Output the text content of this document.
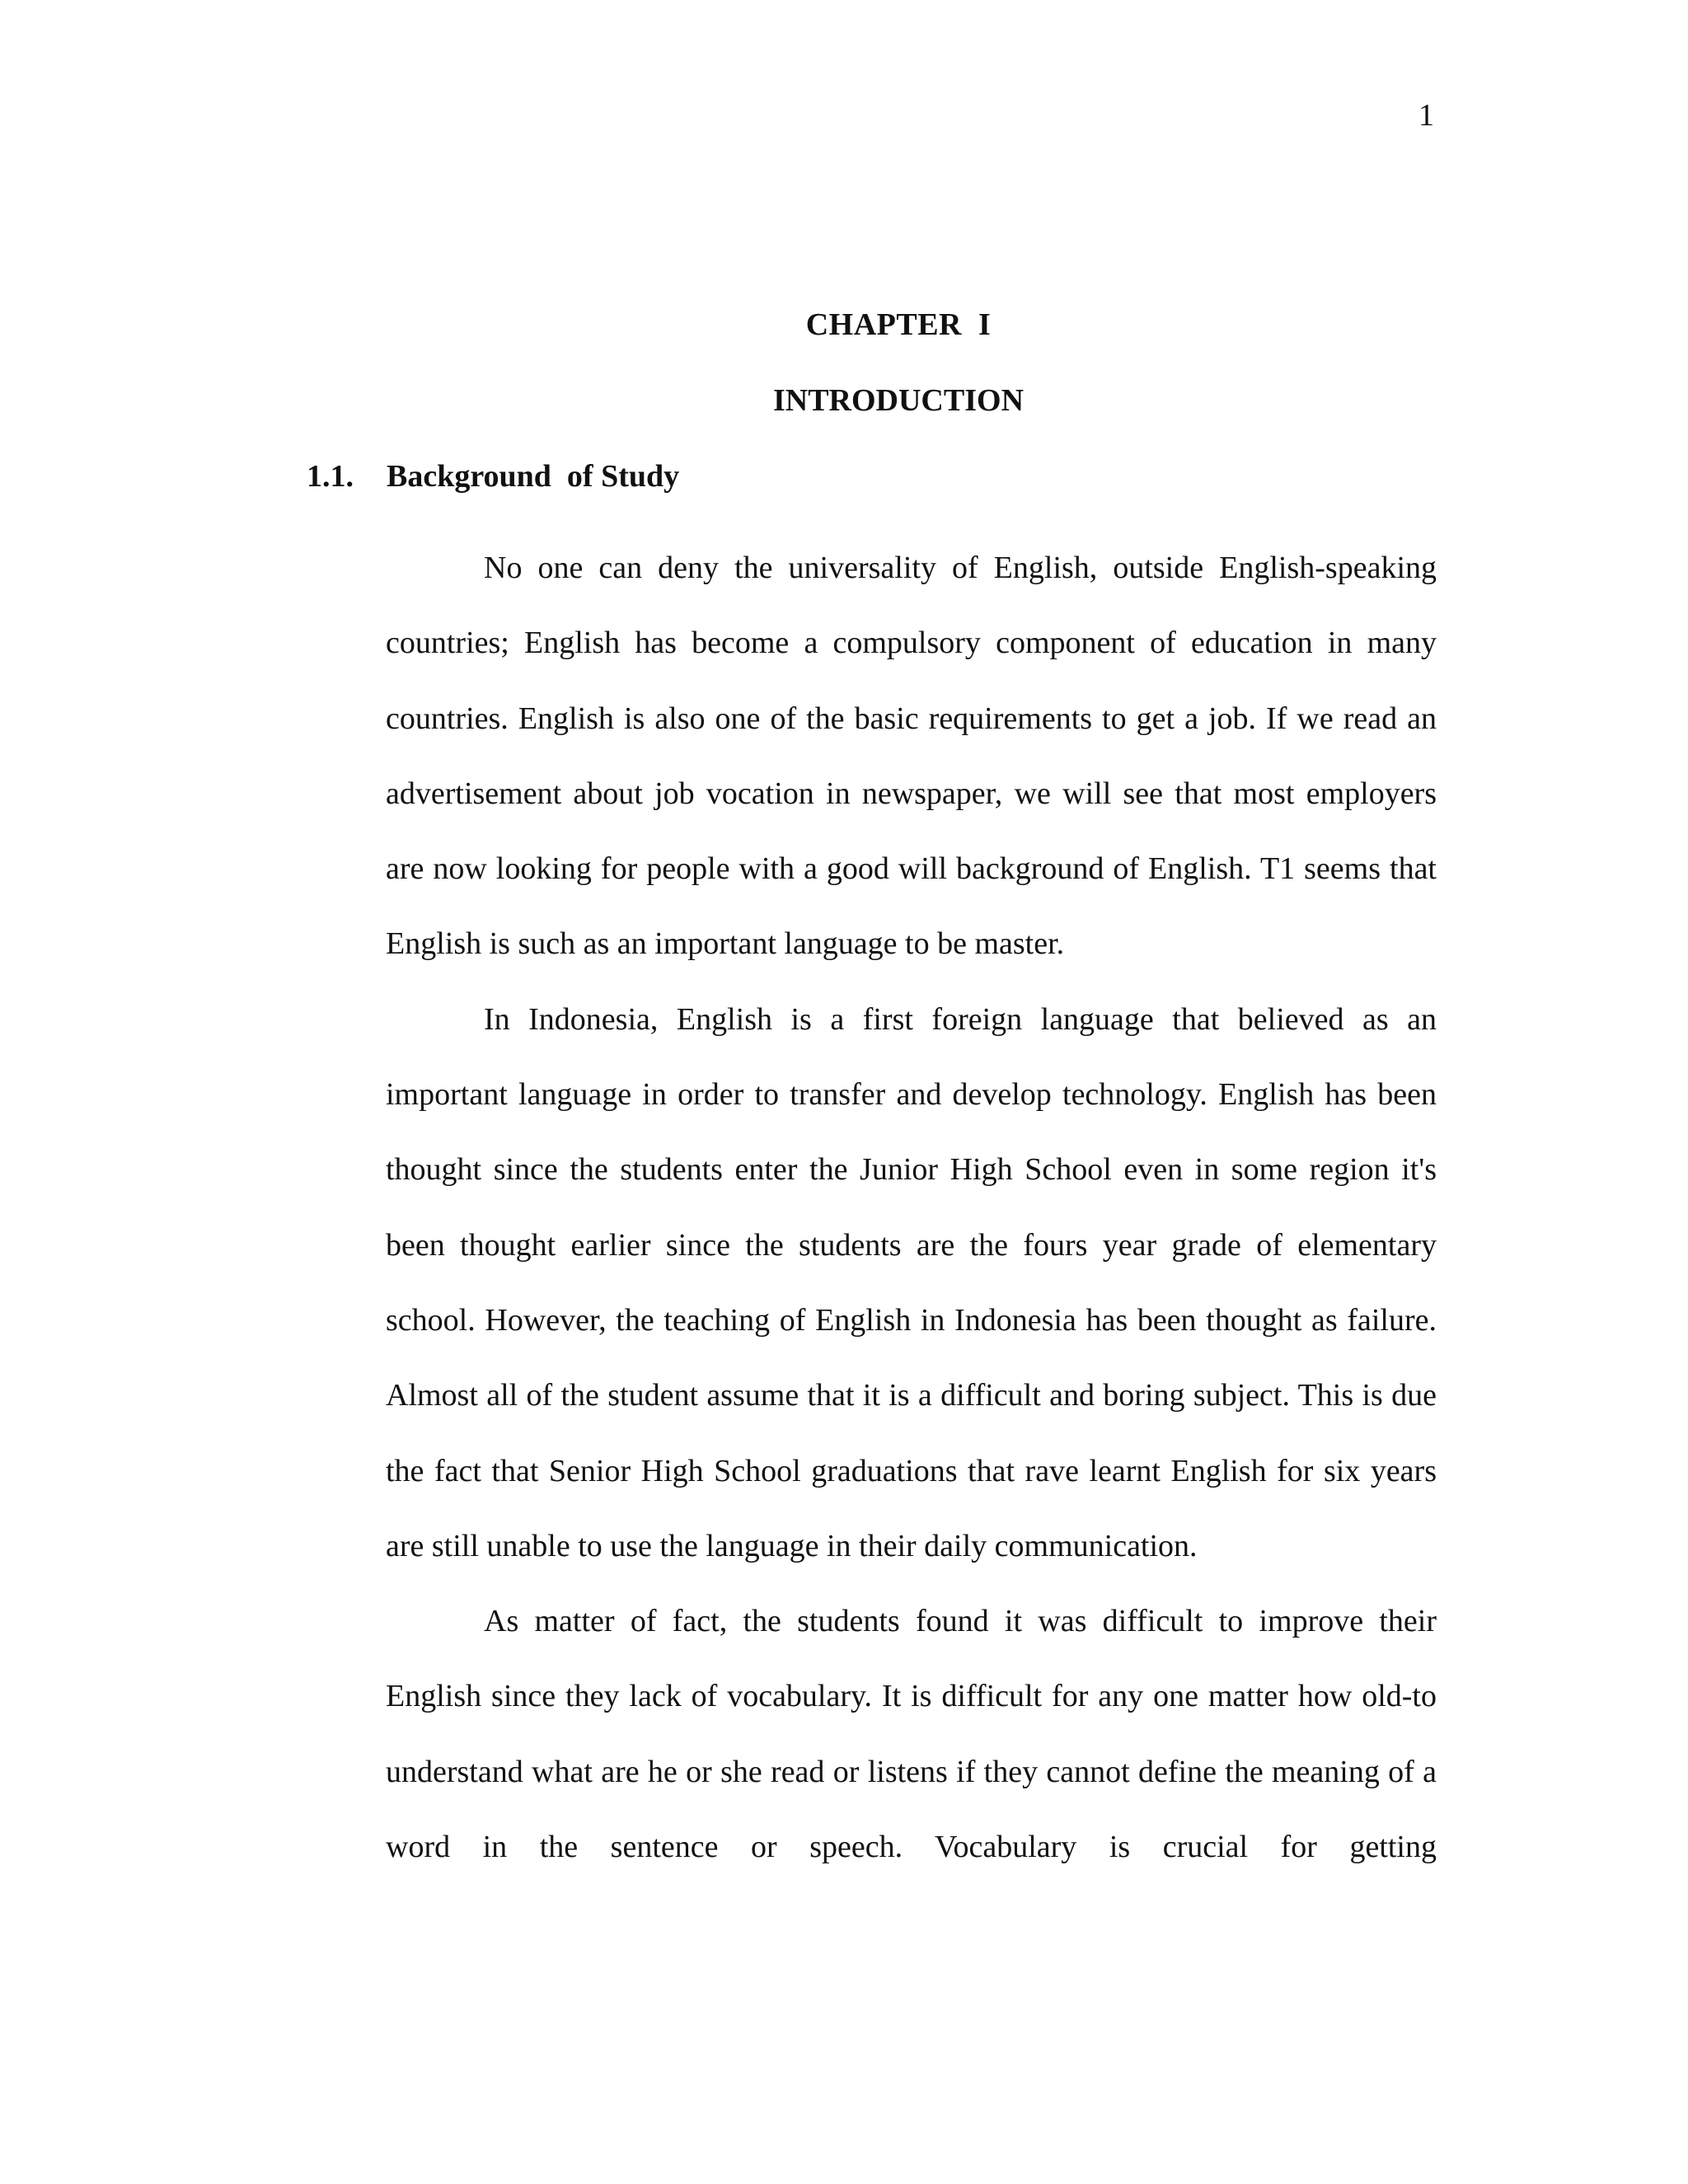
1
CHAPTER  I
INTRODUCTION
1.1. Background  of Study

No one can deny the universality of English, outside English-speaking countries; English has become a compulsory component of education in many countries. English is also one of the basic requirements to get a job. If we read an advertisement about job vocation in newspaper, we will see that most employers are now looking for people with a good will background of English. T1 seems that English is such as an important language to be master.

In Indonesia, English is a first foreign language that believed as an important language in order to transfer and develop technology. English has been thought since the students enter the Junior High School even in some region it's been thought earlier since the students are the fours year grade of elementary school. However, the teaching of English in Indonesia has been thought as failure. Almost all of the student assume that it is a difficult and boring subject. This is due the fact that Senior High School graduations that rave learnt English for six years are still unable to use the language in their daily communication.

As matter of fact, the students found it was difficult to improve their English since they lack of vocabulary. It is difficult for any one matter how old-to understand what are he or she read or listens if they cannot define the meaning of a word in the sentence or speech. Vocabulary is crucial for getting
